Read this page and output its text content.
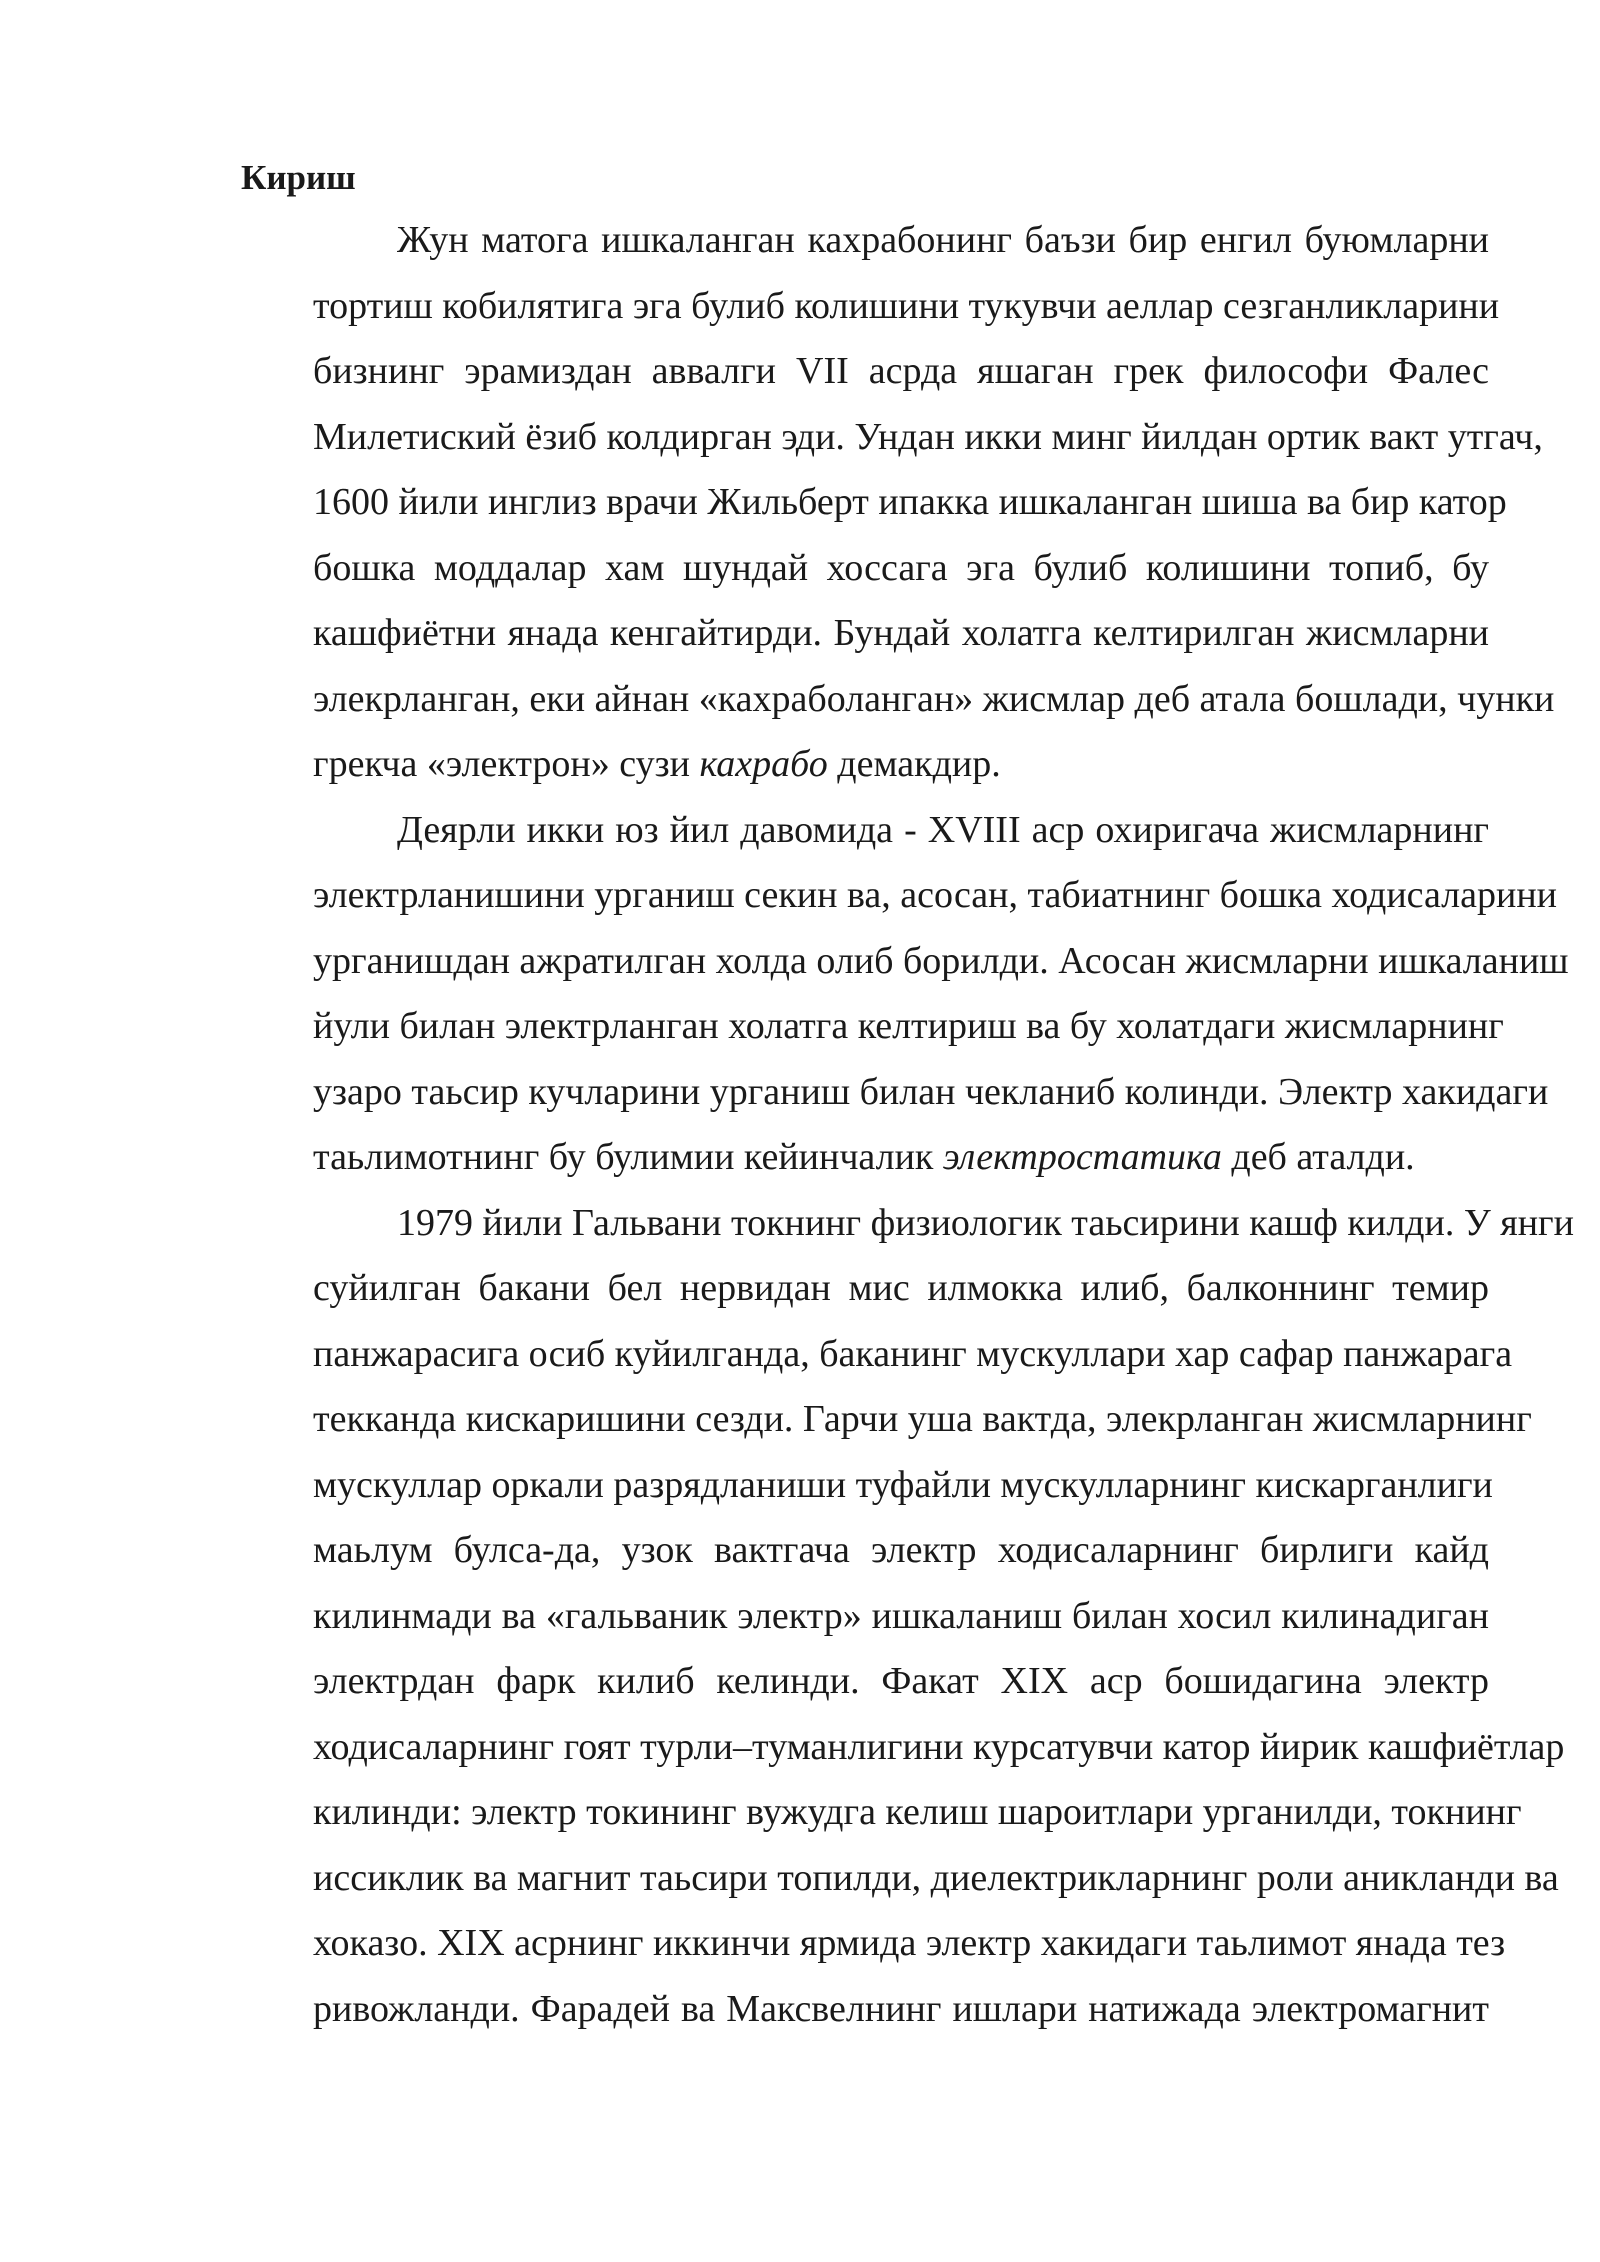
Кириш
Жун матога ишкаланган кахрабонинг баъзи бир енгил буюмларни
тортиш кобилятига эга булиб колишини тукувчи аеллар сезганликларини
бизнинг эрамиздан аввалги VII асрда яшаган грек философи Фалес
Милетиский ёзиб колдирган эди. Ундан икки минг йилдан ортик вакт утгач,
1600 йили инглиз врачи Жильберт ипакка ишкаланган шиша ва бир катор
бошка моддалар хам шундай хоссага эга булиб колишини топиб, бу
кашфиётни янада кенгайтирди. Бундай холатга келтирилган жисмларни
элекрланган, еки айнан «кахраболанган» жисмлар деб атала бошлади, чунки
грекча «электрон» сузи кахрабо демакдир.
Деярли икки юз йил давомида - XVIII аср охиригача жисмларнинг
электрланишини урганиш секин ва, асосан, табиатнинг бошка ходисаларини
урганишдан ажратилган холда олиб борилди. Асосан жисмларни ишкаланиш
йули билан электрланган холатга келтириш ва бу холатдаги жисмларнинг
узаро таьсир кучларини урганиш билан чекланиб колинди. Электр хакидаги
таьлимотнинг бу булимии кейинчалик электростатика деб аталди.
1979 йили Гальвани токнинг физиологик таьсирини кашф килди. У янги
суйилган бакани бел нервидан мис илмокка илиб, балконнинг темир
панжарасига осиб куйилганда, баканинг мускуллари хар сафар панжарага
текканда кискаришини сезди. Гарчи уша вактда, элекрланган жисмларнинг
мускуллар оркали разрядланиши туфайли мускулларнинг кискарганлиги
маьлум булса-да, узок вактгача электр ходисаларнинг бирлиги кайд
килинмади ва «гальваник электр» ишкаланиш билан хосил килинадиган
электрдан фарк килиб келинди. Факат XIX аср бошидагина электр
ходисаларнинг гоят турли–туманлигини курсатувчи катор йирик кашфиётлар
килинди: электр токининг вужудга келиш шароитлари урганилди, токнинг
иссиклик ва магнит таьсири топилди, диелектрикларнинг роли аникланди ва
хоказо. XIX асрнинг иккинчи ярмида электр хакидаги таьлимот янада тез
ривожланди. Фарадей ва Максвелнинг ишлари натижада электромагнит
